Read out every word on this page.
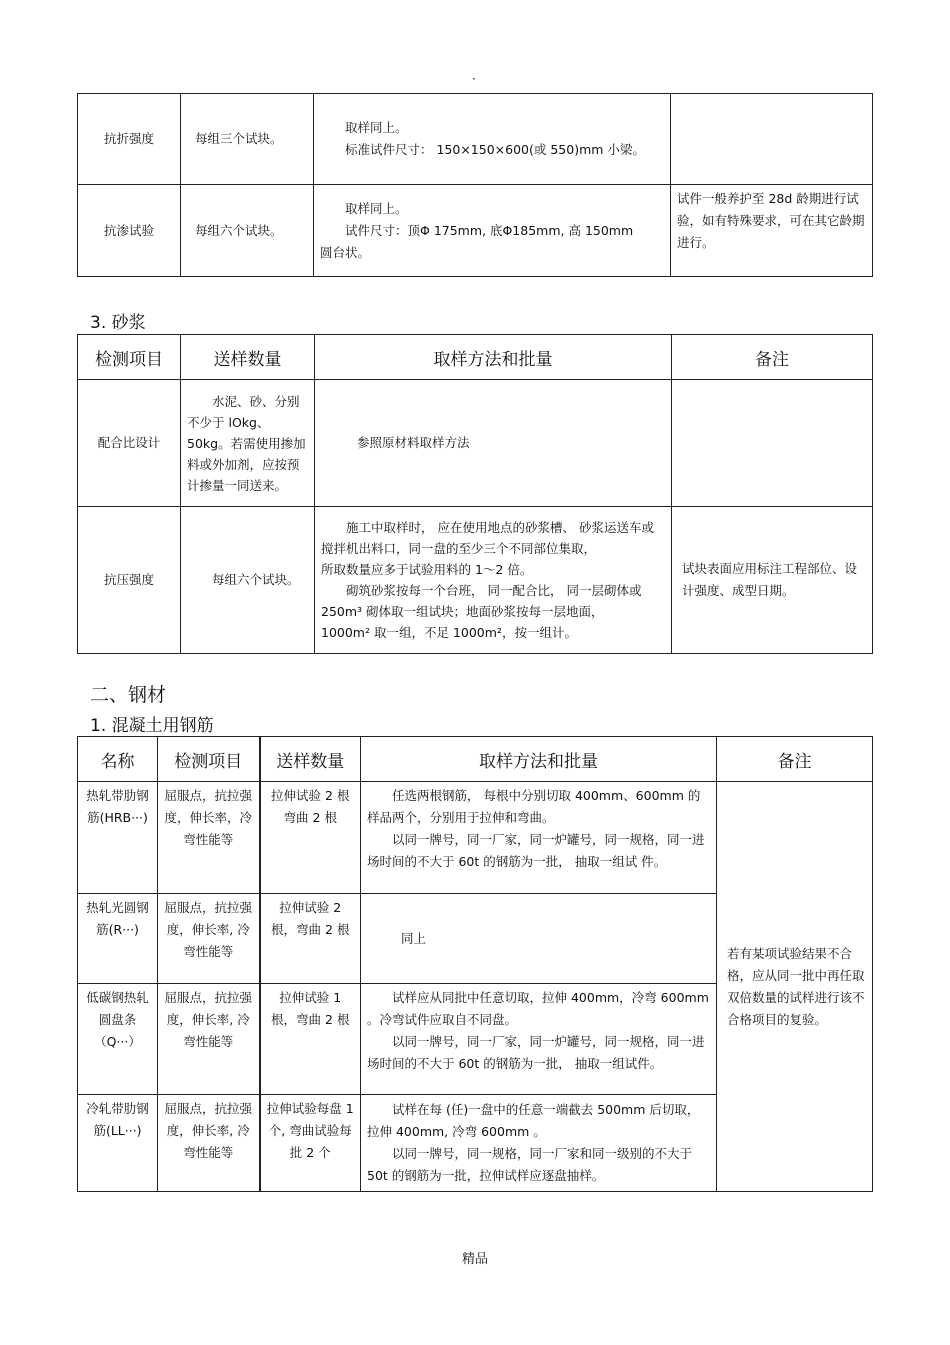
·
抗折强度	每组三个试块。	取样同上。
标准试件尺寸： 150×150×600(或 550)mm 小梁。	

抗渗试验	每组六个试块。	取样同上。
试件尺寸：顶Φ 175mm, 底Φ185mm, 高 150mm
圆台状。	试件一般养护至 28d 龄期进行试验，如有特殊要求，可在其它龄期进行。
3. 砂浆
检测项目	送样数量	取样方法和批量	备注
配合比设计	水泥、砂、分别不少于 lOkg、50kg。若需使用掺加料或外加剂，应按预计掺量一同送来。	参照原材料取样方法	
抗压强度	每组六个试块。	施工中取样时， 应在使用地点的砂浆槽、 砂浆运送车或搅拌机出料口，同一盘的至少三个不同部位集取，
所取数量应多于试验用料的 1～2 倍。
砌筑砂浆按每一个台班， 同一配合比， 同一层砌体或 250m³ 砌体取一组试块；地面砂浆按每一层地面，
1000m² 取一组，不足 1000m²，按一组计。	试块表面应用标注工程部位、设计强度、成型日期。
二、钢材
1. 混凝土用钢筋
名称	检测项目	送样数量	取样方法和批量	备注
热轧带肋钢筋(HRB···)	屈服点，抗拉强度，伸长率，冷弯性能等	拉伸试验 2 根弯曲 2 根	任选两根钢筋， 每根中分别切取 400mm、600mm 的样品两个，分别用于拉伸和弯曲。
以同一牌号，同一厂家，同一炉罐号，同一规格，同一进场时间的不大于 60t 的钢筋为一批， 抽取一组试 件。	若有某项试验结果不合格，应从同一批中再任取双倍数量的试样进行该不合格项目的复验。
热轧光圆钢筋(R···)	屈服点，抗拉强度，伸长率, 冷弯性能等	拉伸试验 2 根，弯曲 2 根	同上	
低碳钢热轧圆盘条（Q···）	屈服点，抗拉强度，伸长率, 冷弯性能等	拉伸试验 1 根，弯曲 2 根	试样应从同批中任意切取，拉伸 400mm，冷弯 600mm 。冷弯试件应取自不同盘。
以同一牌号，同一厂家，同一炉罐号，同一规格，同一进场时间的不大于 60t 的钢筋为一批， 抽取一组试件。	

冷轧带肋钢筋(LL···)	屈服点，抗拉强度，伸长率, 冷弯性能等	拉伸试验每盘 1 个, 弯曲试验每批 2 个	试样在每 (任)一盘中的任意一端截去 500mm 后切取，拉伸 400mm, 冷弯 600mm 。
以同一牌号，同一规格，同一厂家和同一级别的不大于 50t 的钢筋为一批，拉伸试样应逐盘抽样。	
精品
